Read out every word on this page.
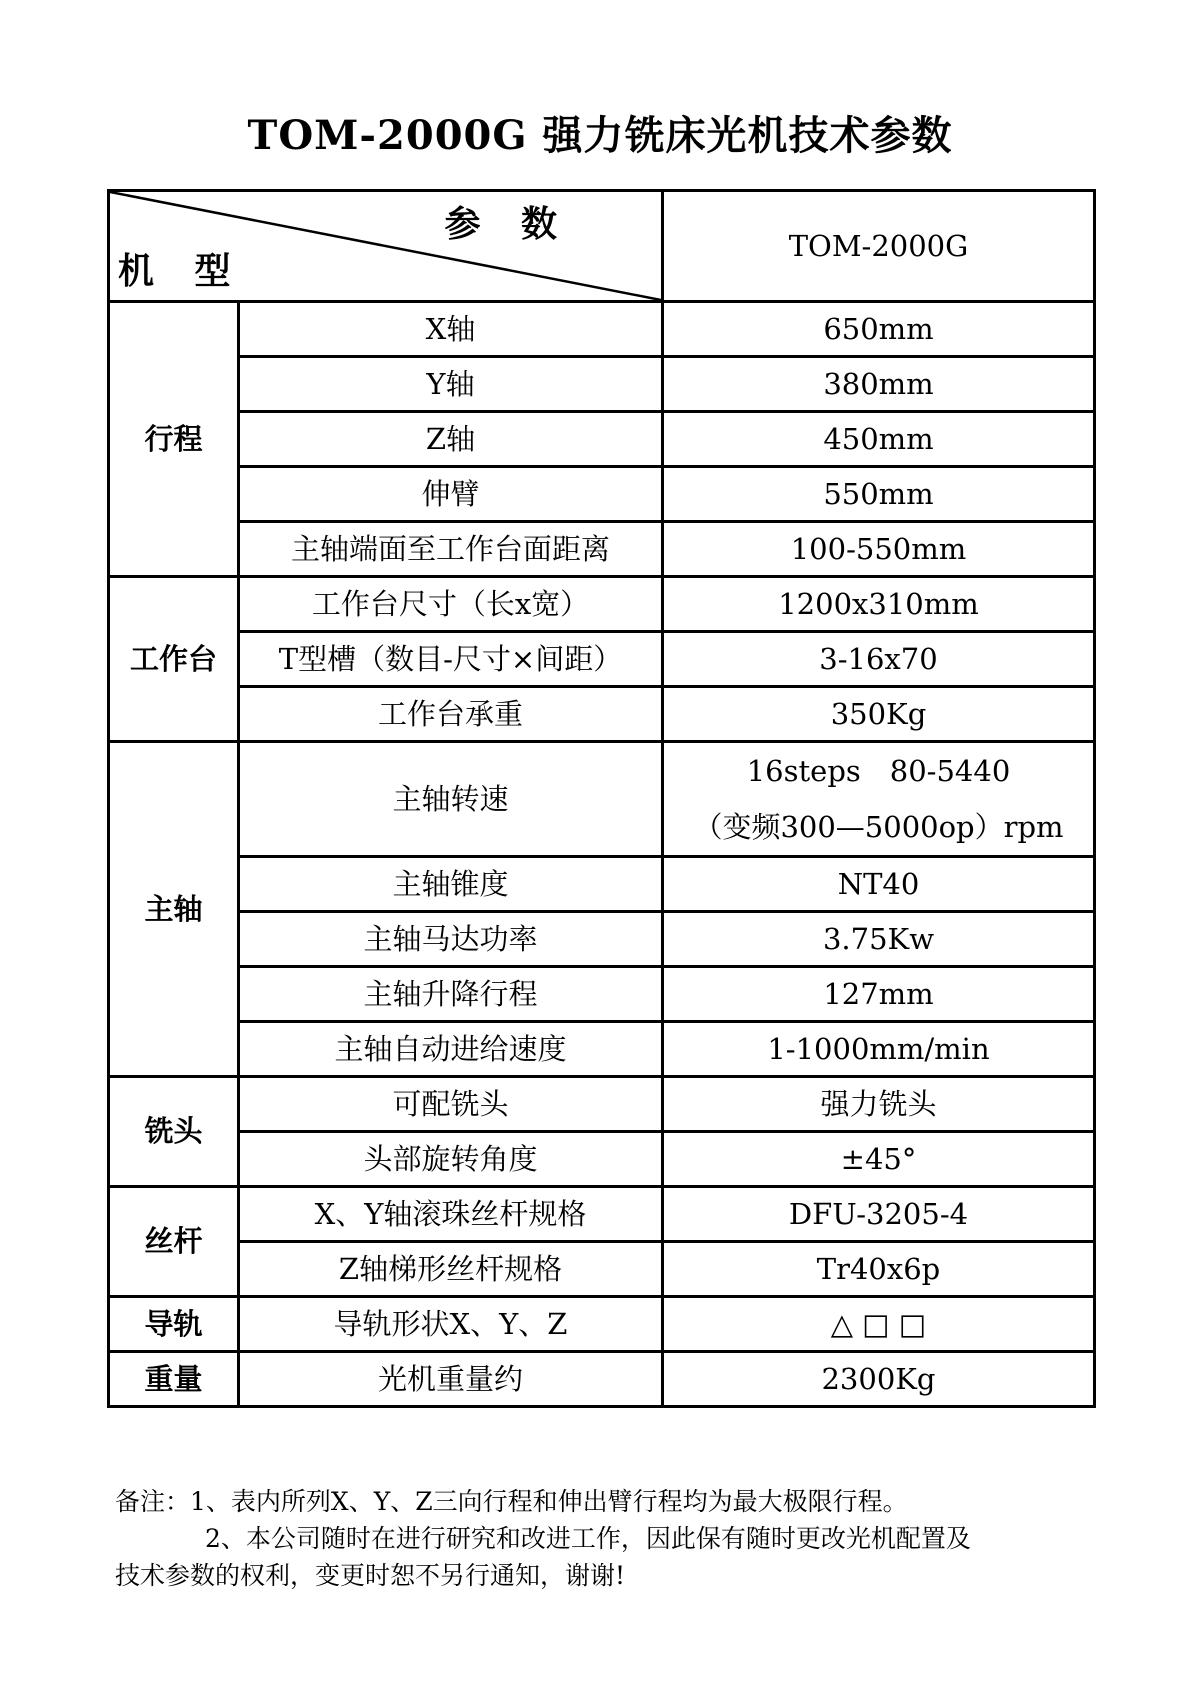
TOM-2000G 强力铣床光机技术参数
参 数
机 型		TOM-2000G
行程	X轴	650mm
	Y轴	380mm
	Z轴	450mm
	伸臂	550mm
	主轴端面至工作台面距离	100-550mm
工作台	工作台尺寸（长x宽）	1200x310mm
	T型槽（数目-尺寸×间距）	3-16x70
	工作台承重	350Kg
主轴	主轴转速	16steps　80-5440
（变频300—5000op）rpm

	主轴锥度	NT40
	主轴马达功率	3.75Kw
	主轴升降行程	127mm
	主轴自动进给速度	1-1000mm/min
铣头	可配铣头	强力铣头
	头部旋转角度	±45°
丝杆	X、Y轴滚珠丝杆规格	DFU-3205-4
	Z轴梯形丝杆规格	Tr40x6p
导轨	导轨形状X、Y、Z	△ □ □
重量	光机重量约	2300Kg
备注：1、表内所列X、Y、Z三向行程和伸出臂行程均为最大极限行程。
2、本公司随时在进行研究和改进工作，因此保有随时更改光机配置及
技术参数的权利，变更时恕不另行通知，谢谢!
